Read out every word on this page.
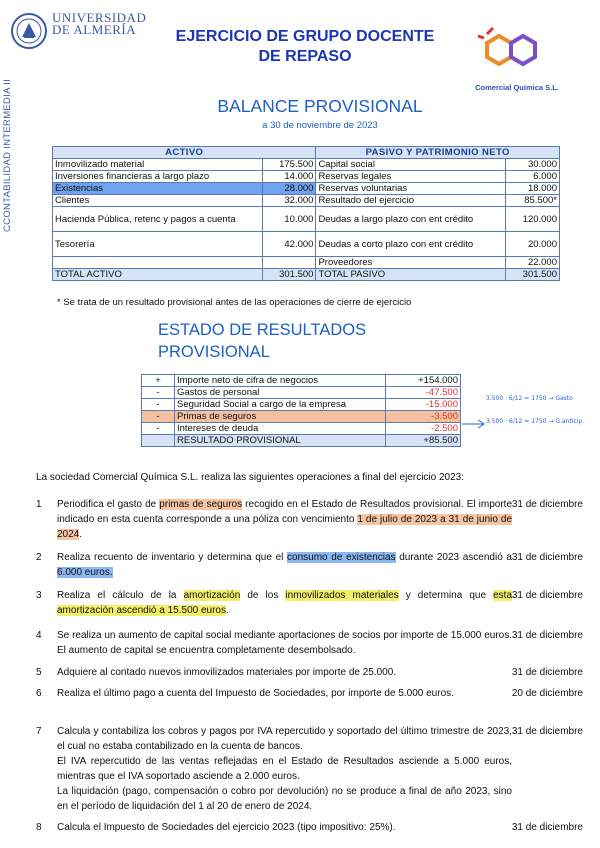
CCONTABILIDAD INTERMEDIA II
UNIVERSIDAD
DE ALMERÍA	EJERCICIO DE GRUPO DOCENTE
DE REPASO
Comercial Química S.L.
BALANCE PROVISIONAL
a 30 de noviembre de 2023
ACTIVO		PASIVO Y PATRIMONIO NETO	
Inmovilizado material	175.500	Capital social	30.000
Inversiones financieras a largo plazo	14.000	Reservas legales	6.000
Existencias	28.000	Reservas voluntarias	18.000
Clientes	32.000	Resultado del ejercicio	85.500*
Hacienda Pública, retenc y pagos a cuenta	10.000	Deudas a largo plazo con ent crédito	120.000
Tesorería	42.000	Deudas a corto plazo con ent crédito	20.000
		Proveedores	22.000
TOTAL ACTIVO	301.500	TOTAL PASIVO	301.500
* Se trata de un resultado provisional antes de las operaciones de cierre de ejercicio
ESTADO DE RESULTADOS
PROVISIONAL
+	Importe neto de cifra de negocios	+154.000
-	Gastos de personal	-47.500
-	Seguridad Social a cargo de la empresa	-15.000
-	Primas de seguros	-3.500
-	Intereses de deuda	-2.500
	RESULTADO PROVISIONAL	+85.500
3.500 · 6/12 = 1750 → Gasto
3.500 · 6/12 = 1750 → G.anticip.
La sociedad Comercial Química S.L. realiza las siguientes operaciones a final del ejercicio 2023:
1 Periodifica el gasto de primas de seguros recogido en el Estado de Resultados provisional. El importe indicado en esta cuenta corresponde a una póliza con vencimiento 1 de julio de 2023 a 31 de junio de 2024.
31 de diciembre
2 Realiza recuento de inventario y determina que el consumo de existencias durante 2023 ascendió a 6.000 euros.
31 de diciembre
3 Realiza el cálculo de la amortización de los inmovilizados materiales y determina que esta amortización ascendió a 15.500 euros.
31 de diciembre
4 Se realiza un aumento de capital social mediante aportaciones de socios por importe de 15.000 euros. El aumento de capital se encuentra completamente desembolsado.
31 de diciembre
5 Adquiere al contado nuevos inmovilizados materiales por importe de 25.000.	31 de diciembre
6 Realiza el último pago a cuenta del Impuesto de Sociedades, por importe de 5.000 euros.	20 de diciembre
7 Calcula y contabiliza los cobros y pagos por IVA repercutido y soportado del último trimestre de 2023, el cual no estaba contabilizado en la cuenta de bancos.
El IVA repercutido de las ventas reflejadas en el Estado de Resultados asciende a 5.000 euros, mientras que el IVA soportado asciende a 2.000 euros.
La liquidación (pago, compensación o cobro por devolución) no se produce a final de año 2023, sino en el período de liquidación del 1 al 20 de enero de 2024.
31 de diciembre
8 Calcula el Impuesto de Sociedades del ejercicio 2023 (tipo impositivo: 25%).	31 de diciembre
